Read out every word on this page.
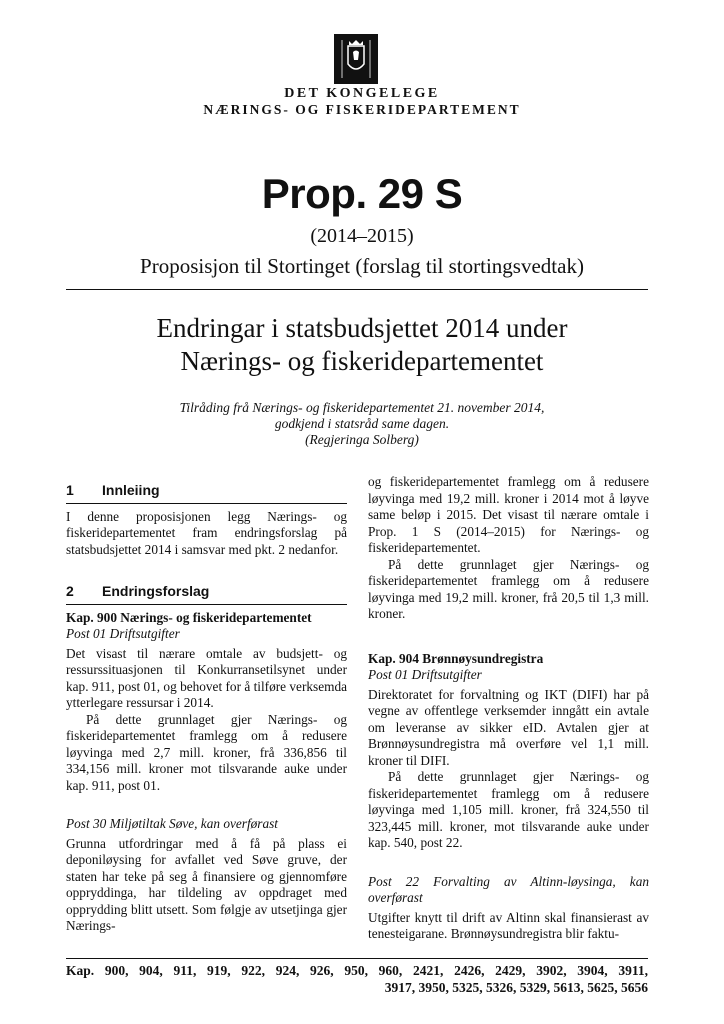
DET KONGELEGE
NÆRINGS- OG FISKERIDEPARTEMENT
Prop. 29 S
(2014–2015)
Proposisjon til Stortinget (forslag til stortingsvedtak)
Endringar i statsbudsjettet 2014 under
Nærings- og fiskeridepartementet
Tilråding frå Nærings- og fiskeridepartementet 21. november 2014,
godkjend i statsråd same dagen.
(Regjeringa Solberg)
1	Innleiing

I denne proposisjonen legg Nærings- og fiskeridepartementet fram endringsforslag på statsbudsjettet 2014 i samsvar med pkt. 2 nedanfor.

2	Endringsforslag

Kap. 900 Nærings- og fiskeridepartementet

Post 01 Driftsutgifter

Det visast til nærare omtale av budsjett- og ressurssituasjonen til Konkurransetilsynet under kap. 911, post 01, og behovet for å tilføre verksemda ytterlegare ressursar i 2014.

På dette grunnlaget gjer Nærings- og fiskeridepartementet framlegg om å redusere løyvinga med 2,7 mill. kroner, frå 336,856 til 334,156 mill. kroner mot tilsvarande auke under kap. 911, post 01.

Post 30 Miljøtiltak Søve, kan overførast

Grunna utfordringar med å få på plass ei deponiløysing for avfallet ved Søve gruve, der staten har teke på seg å finansiere og gjennomføre oppryddinga, har tildeling av oppdraget med opprydding blitt utsett. Som følgje av utsetjinga gjer Nærings-

og fiskeridepartementet framlegg om å redusere løyvinga med 19,2 mill. kroner i 2014 mot å løyve same beløp i 2015. Det visast til nærare omtale i Prop. 1 S (2014–2015) for Nærings- og fiskeridepartementet.

På dette grunnlaget gjer Nærings- og fiskeridepartementet framlegg om å redusere løyvinga med 19,2 mill. kroner, frå 20,5 til 1,3 mill. kroner.

Kap. 904 Brønnøysundregistra

Post 01 Driftsutgifter

Direktoratet for forvaltning og IKT (DIFI) har på vegne av offentlege verksemder inngått ein avtale om leveranse av sikker eID. Avtalen gjer at Brønnøysundregistra må overføre vel 1,1 mill. kroner til DIFI.

På dette grunnlaget gjer Nærings- og fiskeridepartementet framlegg om å redusere løyvinga med 1,105 mill. kroner, frå 324,550 til 323,445 mill. kroner, mot tilsvarande auke under kap. 540, post 22.

Post 22 Forvalting av Altinn-løysinga, kan overførast

Utgifter knytt til drift av Altinn skal finansierast av tenesteigarane. Brønnøysundregistra blir faktu-

Kap. 900, 904, 911, 919, 922, 924, 926, 950, 960, 2421, 2426, 2429, 3902, 3904, 3911,
3917, 3950, 5325, 5326, 5329, 5613, 5625, 5656
